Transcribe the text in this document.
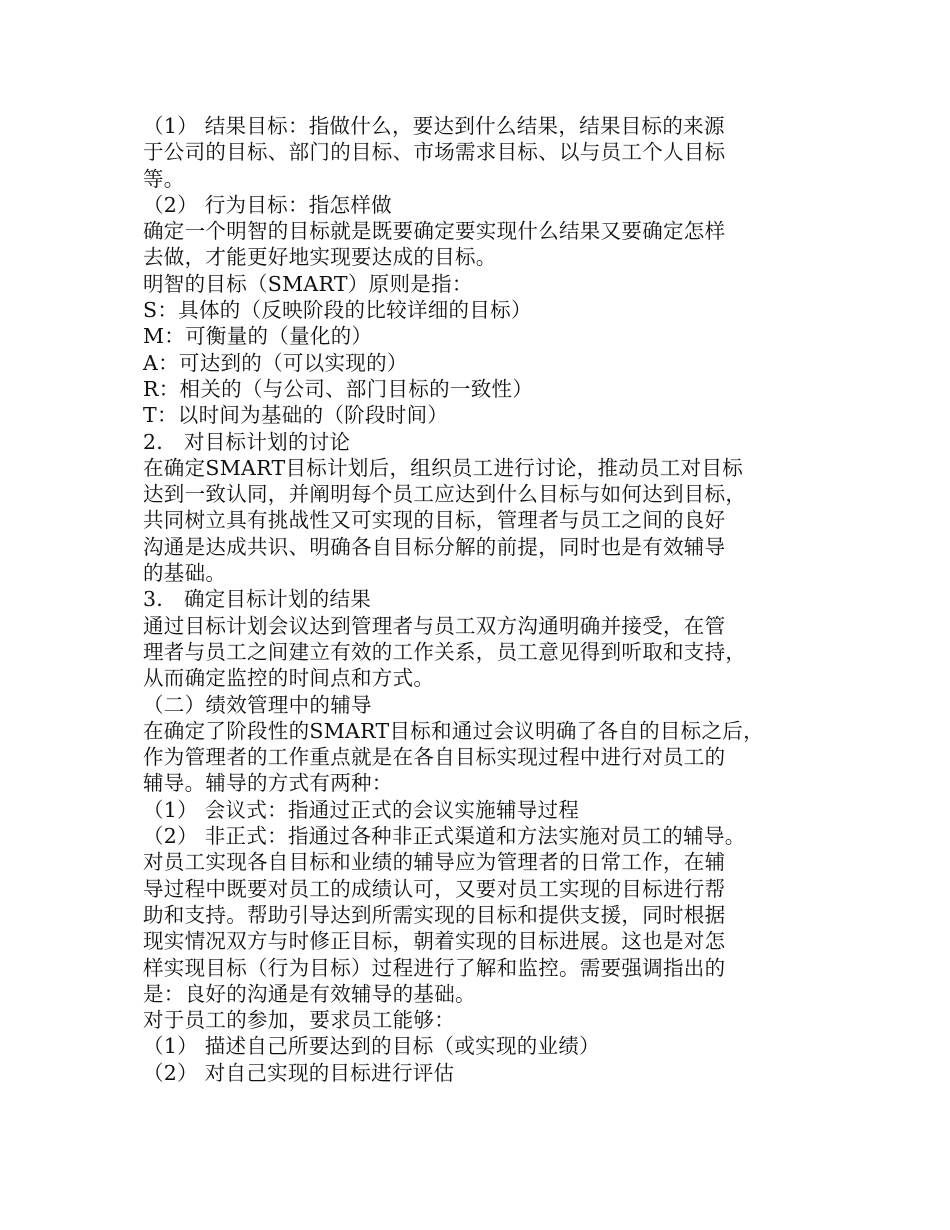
（1） 结果目标：指做什么，要达到什么结果，结果目标的来源
于公司的目标、部门的目标、市场需求目标、以与员工个人目标
等。
（2） 行为目标：指怎样做
确定一个明智的目标就是既要确定要实现什么结果又要确定怎样
去做，才能更好地实现要达成的目标。
明智的目标（SMART）原则是指：
S：具体的（反映阶段的比较详细的目标）
M：可衡量的（量化的）
A：可达到的（可以实现的）
R：相关的（与公司、部门目标的一致性）
T：以时间为基础的（阶段时间）
2． 对目标计划的讨论
在确定SMART目标计划后，组织员工进行讨论，推动员工对目标
达到一致认同，并阐明每个员工应达到什么目标与如何达到目标，
共同树立具有挑战性又可实现的目标，管理者与员工之间的良好
沟通是达成共识、明确各自目标分解的前提，同时也是有效辅导
的基础。
3． 确定目标计划的结果
通过目标计划会议达到管理者与员工双方沟通明确并接受，在管
理者与员工之间建立有效的工作关系，员工意见得到听取和支持，
从而确定监控的时间点和方式。
（二）绩效管理中的辅导
在确定了阶段性的SMART目标和通过会议明确了各自的目标之后，
作为管理者的工作重点就是在各自目标实现过程中进行对员工的
辅导。辅导的方式有两种：
（1） 会议式：指通过正式的会议实施辅导过程
（2） 非正式：指通过各种非正式渠道和方法实施对员工的辅导。
对员工实现各自目标和业绩的辅导应为管理者的日常工作，在辅
导过程中既要对员工的成绩认可，又要对员工实现的目标进行帮
助和支持。帮助引导达到所需实现的目标和提供支援，同时根据
现实情况双方与时修正目标，朝着实现的目标进展。这也是对怎
样实现目标（行为目标）过程进行了解和监控。需要强调指出的
是：良好的沟通是有效辅导的基础。
对于员工的参加，要求员工能够：
（1） 描述自己所要达到的目标（或实现的业绩）
（2） 对自己实现的目标进行评估
